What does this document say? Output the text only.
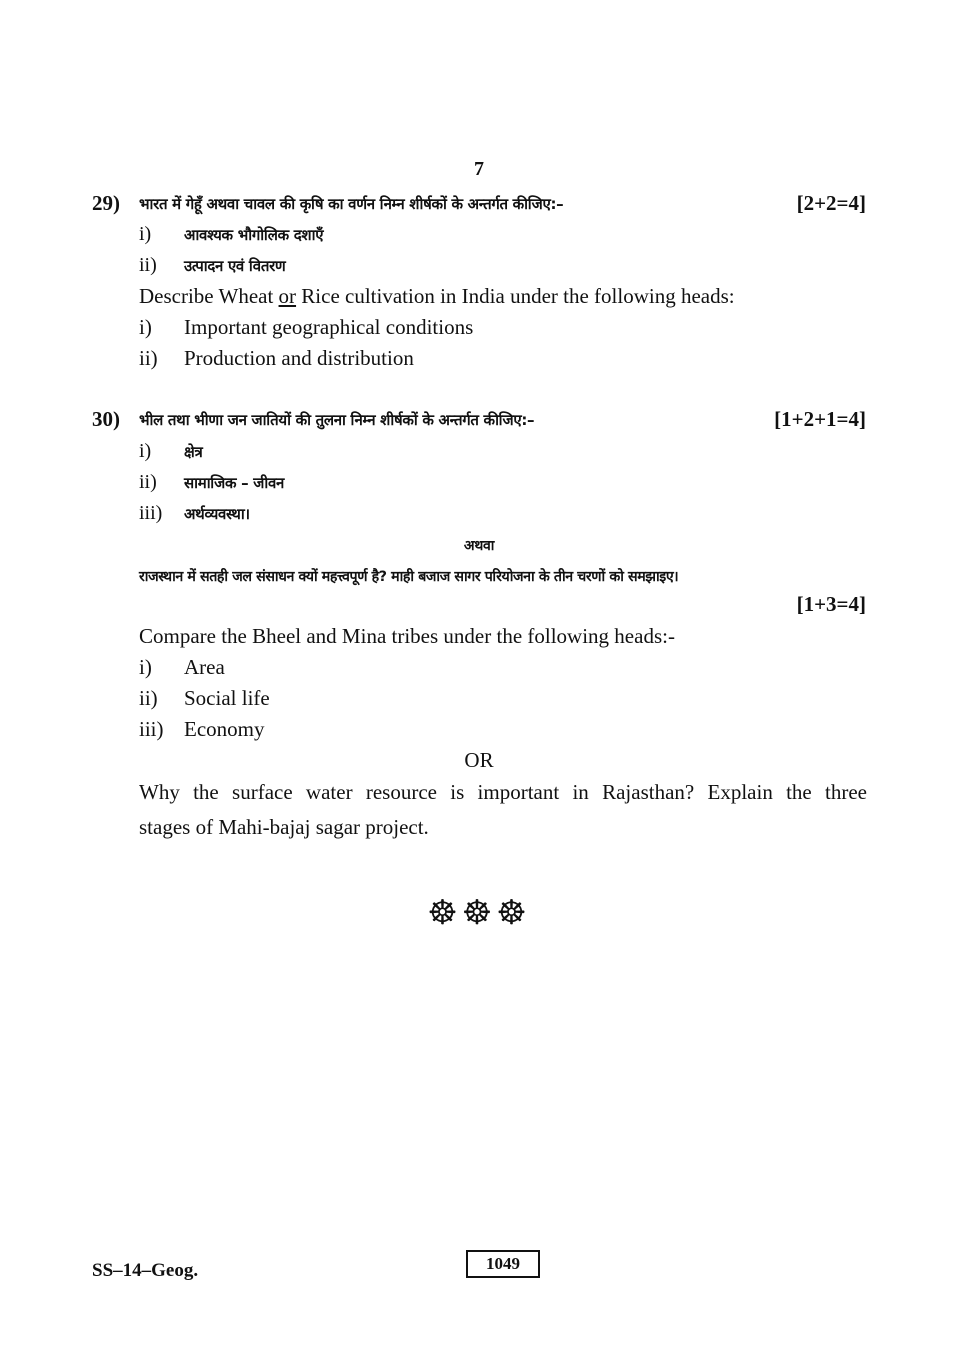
7
29) भारत में गेहूँ अथवा चावल की कृषि का वर्णन निम्न शीर्षकों के अन्तर्गत कीजिए:–	[2+2=4]
i) आवश्यक भौगोलिक दशाएँ
ii) उत्पादन एवं वितरण
Describe Wheat or Rice cultivation in India under the following heads:
i) Important geographical conditions
ii) Production and distribution
30) भील तथा भीणा जन जातियों की तुलना निम्न शीर्षकों के अन्तर्गत कीजिए:–	[1+2+1=4]
i) क्षेत्र
ii) सामाजिक – जीवन
iii) अर्थव्यवस्था।
अथवा
राजस्थान में सतही जल संसाधन क्यों महत्त्वपूर्ण है? माही बजाज सागर परियोजना के तीन चरणों को समझाइए।
[1+3=4]
Compare the Bheel and Mina tribes under the following heads:-
i) Area
ii) Social life
iii) Economy
OR
Why the surface water resource is important in Rajasthan? Explain the three
stages of Mahi-bajaj sagar project.
☸☸☸
SS–14–Geog.	1049
